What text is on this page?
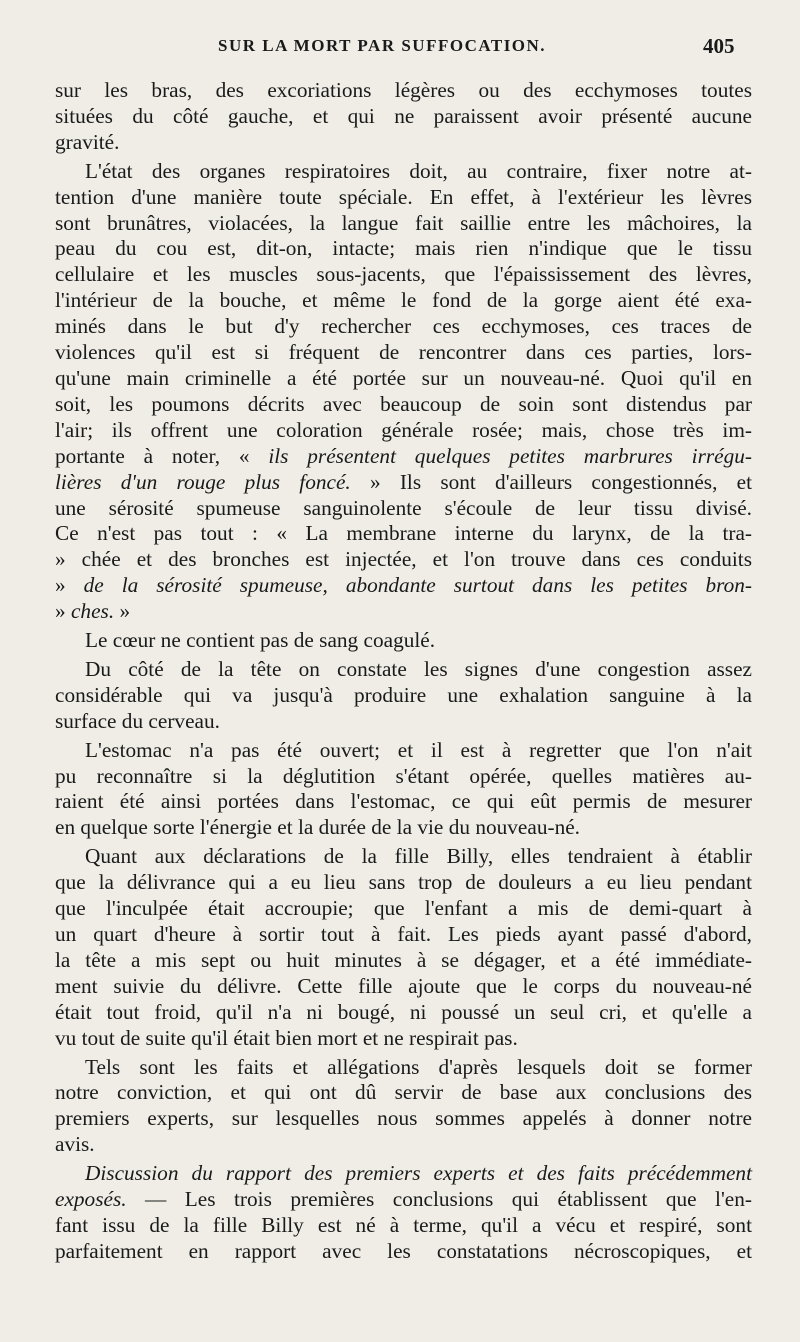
SUR LA MORT PAR SUFFOCATION.	405
sur les bras, des excoriations légères ou des ecchymoses toutes
situées du côté gauche, et qui ne paraissent avoir présenté aucune
gravité.
L'état des organes respiratoires doit, au contraire, fixer notre at-
tention d'une manière toute spéciale. En effet, à l'extérieur les lèvres
sont brunâtres, violacées, la langue fait saillie entre les mâchoires, la
peau du cou est, dit-on, intacte; mais rien n'indique que le tissu
cellulaire et les muscles sous-jacents, que l'épaississement des lèvres,
l'intérieur de la bouche, et même le fond de la gorge aient été exa-
minés dans le but d'y rechercher ces ecchymoses, ces traces de
violences qu'il est si fréquent de rencontrer dans ces parties, lors-
qu'une main criminelle a été portée sur un nouveau-né. Quoi qu'il en
soit, les poumons décrits avec beaucoup de soin sont distendus par
l'air; ils offrent une coloration générale rosée; mais, chose très im-
portante à noter, « ils présentent quelques petites marbrures irrégu-
lières d'un rouge plus foncé. » Ils sont d'ailleurs congestionnés, et
une sérosité spumeuse sanguinolente s'écoule de leur tissu divisé.
Ce n'est pas tout : « La membrane interne du larynx, de la tra-
» chée et des bronches est injectée, et l'on trouve dans ces conduits
» de la sérosité spumeuse, abondante surtout dans les petites bron-
» ches. »
Le cœur ne contient pas de sang coagulé.
Du côté de la tête on constate les signes d'une congestion assez
considérable qui va jusqu'à produire une exhalation sanguine à la
surface du cerveau.
L'estomac n'a pas été ouvert; et il est à regretter que l'on n'ait
pu reconnaître si la déglutition s'étant opérée, quelles matières au-
raient été ainsi portées dans l'estomac, ce qui eût permis de mesurer
en quelque sorte l'énergie et la durée de la vie du nouveau-né.
Quant aux déclarations de la fille Billy, elles tendraient à établir
que la délivrance qui a eu lieu sans trop de douleurs a eu lieu pendant
que l'inculpée était accroupie; que l'enfant a mis de demi-quart à
un quart d'heure à sortir tout à fait. Les pieds ayant passé d'abord,
la tête a mis sept ou huit minutes à se dégager, et a été immédiate-
ment suivie du délivre. Cette fille ajoute que le corps du nouveau-né
était tout froid, qu'il n'a ni bougé, ni poussé un seul cri, et qu'elle a
vu tout de suite qu'il était bien mort et ne respirait pas.
Tels sont les faits et allégations d'après lesquels doit se former
notre conviction, et qui ont dû servir de base aux conclusions des
premiers experts, sur lesquelles nous sommes appelés à donner notre
avis.
Discussion du rapport des premiers experts et des faits précédemment
exposés. — Les trois premières conclusions qui établissent que l'en-
fant issu de la fille Billy est né à terme, qu'il a vécu et respiré, sont
parfaitement en rapport avec les constatations nécroscopiques, et
